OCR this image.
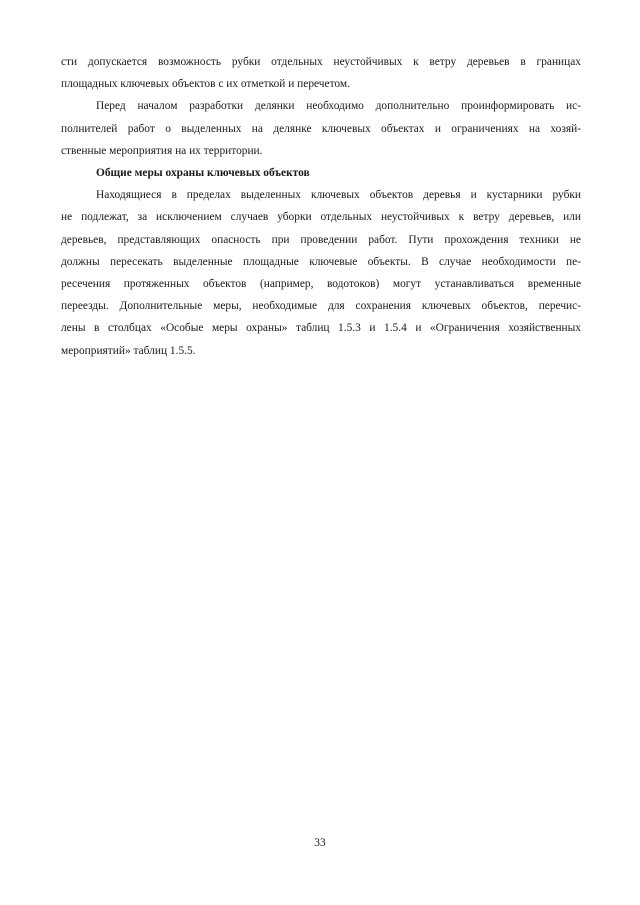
сти допускается возможность рубки отдельных неустойчивых к ветру деревьев в границах
площадных ключевых объектов с их отметкой и перечетом.
Перед началом разработки делянки необходимо дополнительно проинформировать ис-
полнителей работ о выделенных на делянке ключевых объектах и ограничениях на хозяй-
ственные мероприятия на их территории.
Общие меры охраны ключевых объектов
Находящиеся в пределах выделенных ключевых объектов деревья и кустарники рубки
не подлежат, за исключением случаев уборки отдельных неустойчивых к ветру деревьев, или
деревьев, представляющих опасность при проведении работ. Пути прохождения техники не
должны пересекать выделенные площадные ключевые объекты. В случае необходимости пе-
ресечения протяженных объектов (например, водотоков) могут устанавливаться временные
переезды. Дополнительные меры, необходимые для сохранения ключевых объектов, перечис-
лены в столбцах «Особые меры охраны» таблиц 1.5.3 и 1.5.4 и «Ограничения хозяйственных
мероприятий» таблиц 1.5.5.
33
